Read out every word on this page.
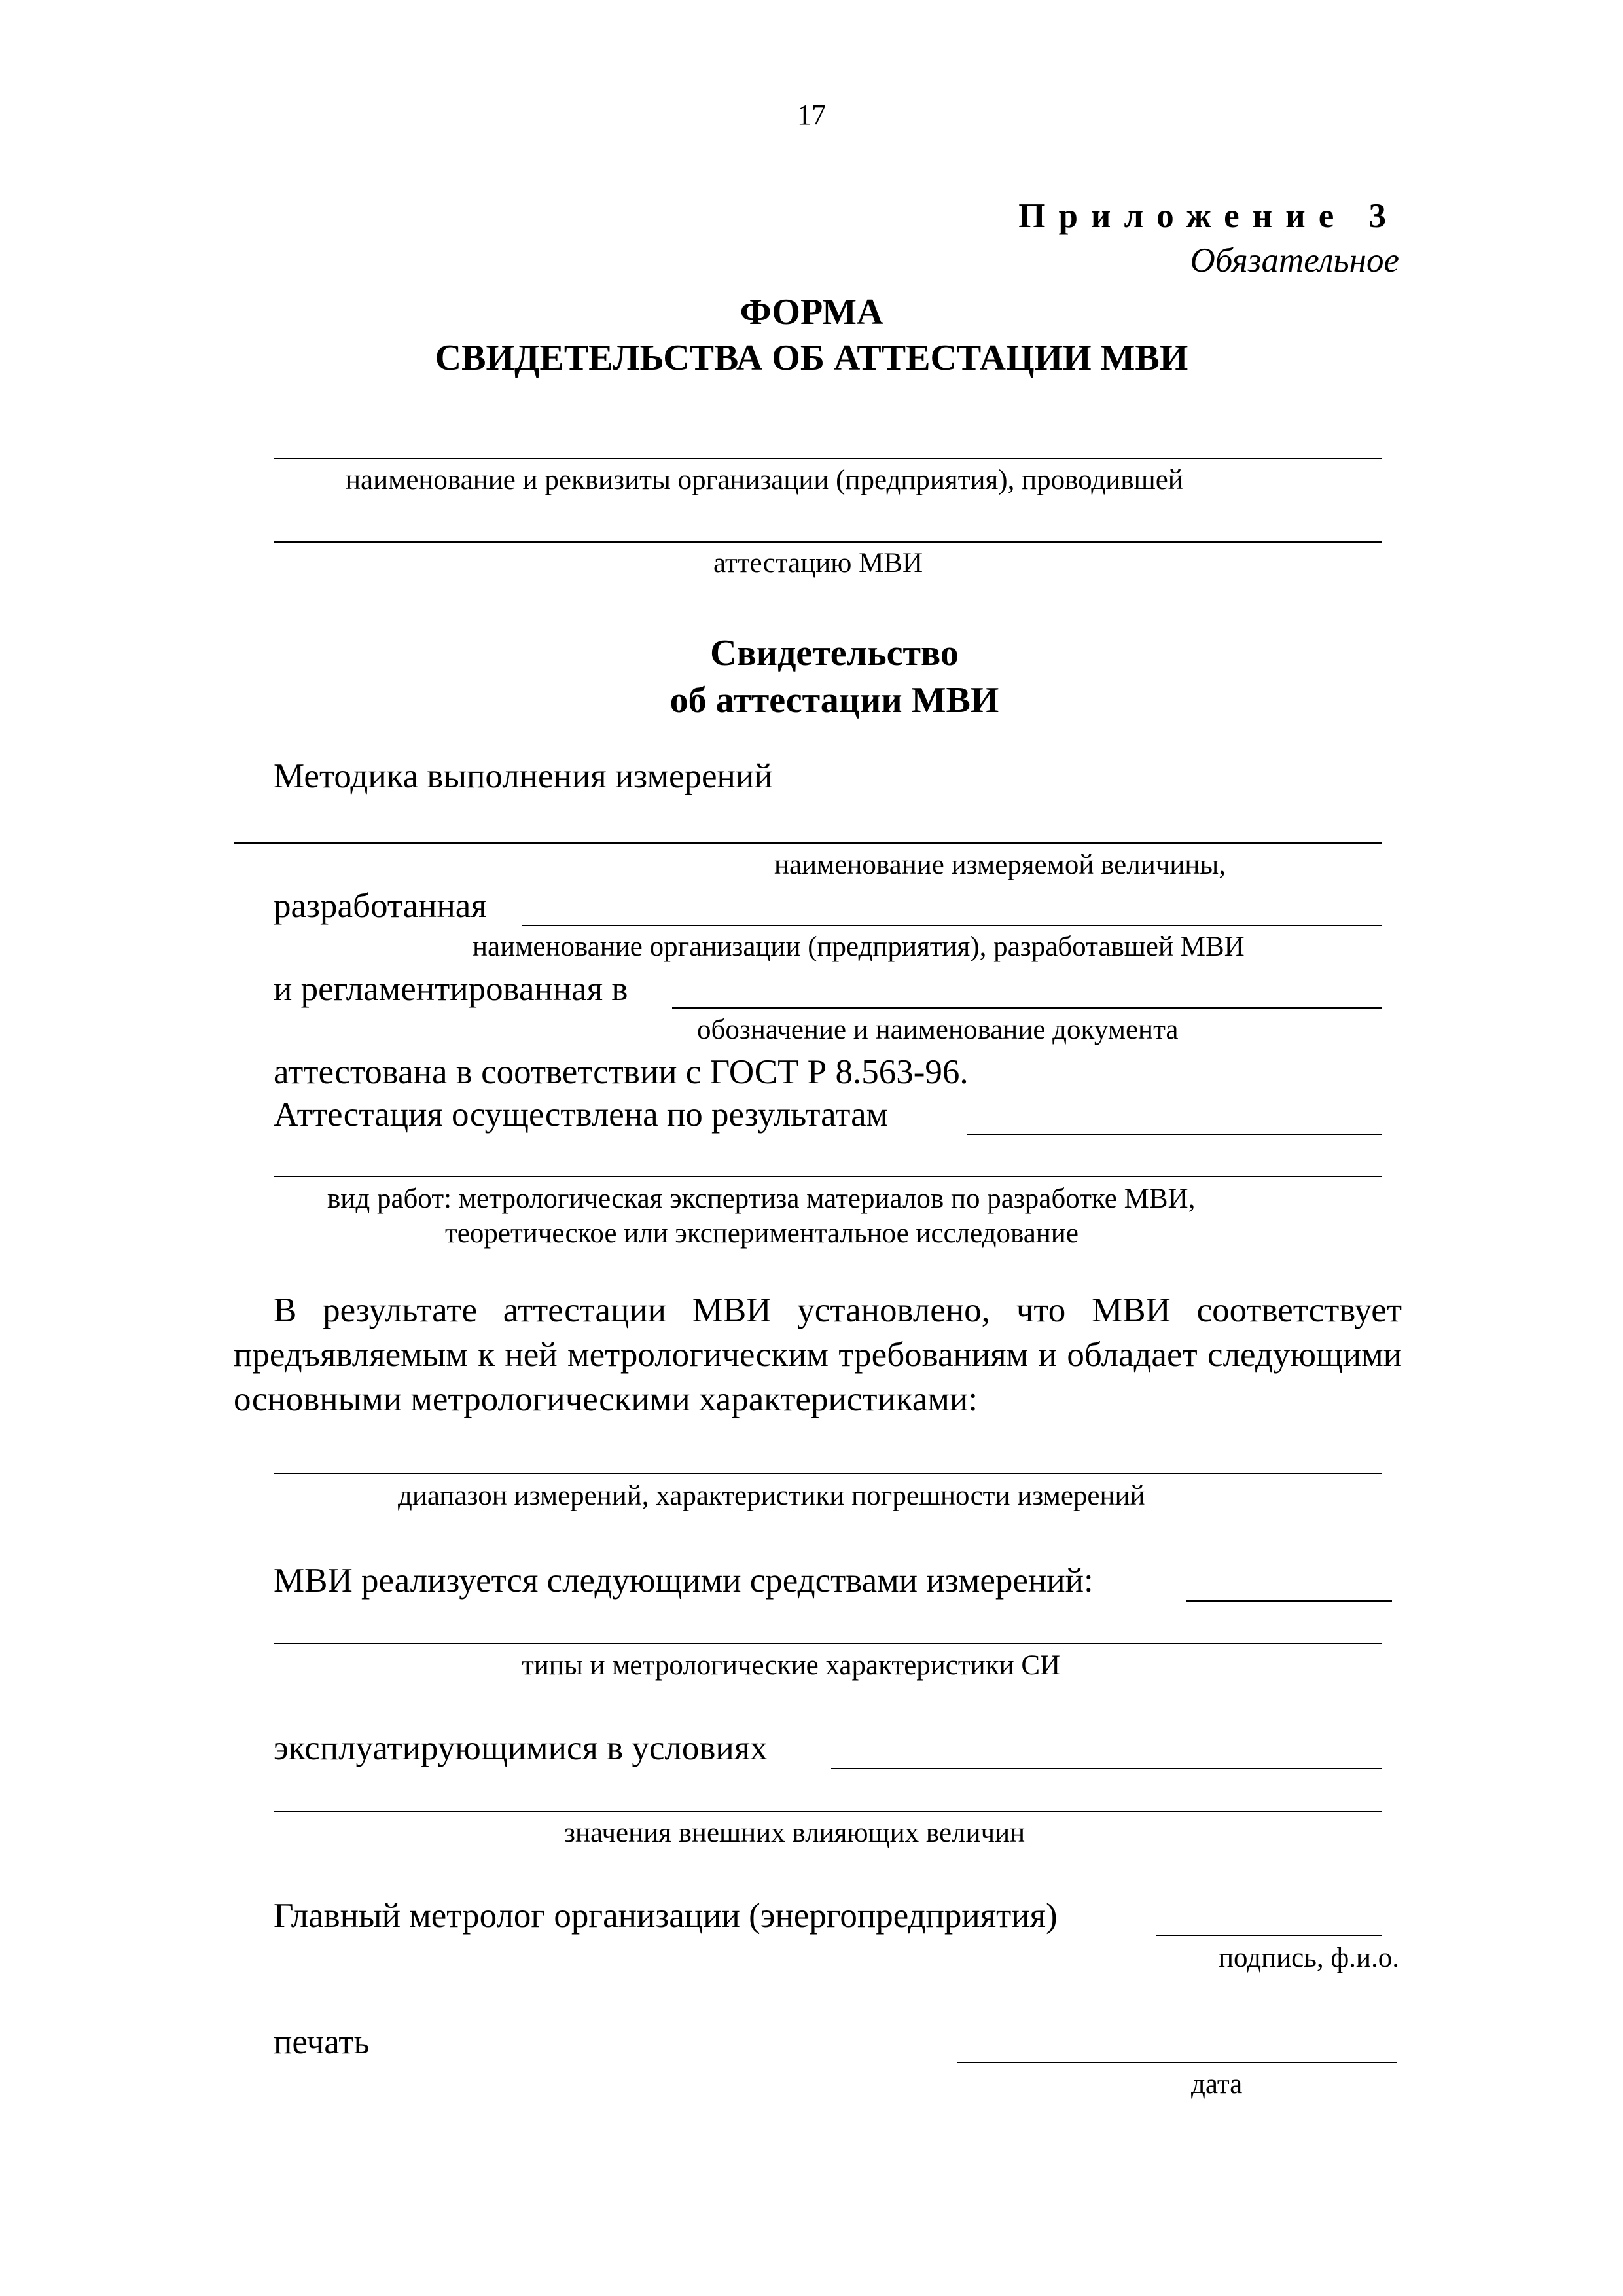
17
Приложение 3
Обязательное
ФОРМА
СВИДЕТЕЛЬСТВА ОБ АТТЕСТАЦИИ МВИ
наименование и реквизиты организации (предприятия), проводившей
аттестацию МВИ
Свидетельство
об аттестации МВИ
Методика выполнения измерений
наименование измеряемой величины,
разработанная
наименование организации (предприятия), разработавшей МВИ
и регламентированная в
обозначение и наименование документа
аттестована в соответствии с ГОСТ Р 8.563-96.
Аттестация осуществлена по результатам
вид работ: метрологическая экспертиза материалов по разработке МВИ,
теоретическое или экспериментальное исследование
В результате аттестации МВИ установлено, что МВИ соответствует предъявляемым к ней метрологическим требованиям и обладает следующими основными метрологическими характеристиками:
диапазон измерений, характеристики погрешности измерений
МВИ реализуется следующими средствами измерений:
типы и метрологические характеристики СИ
эксплуатирующимися в условиях
значения внешних влияющих величин
Главный метролог организации (энергопредприятия)
подпись, ф.и.о.
печать
дата
